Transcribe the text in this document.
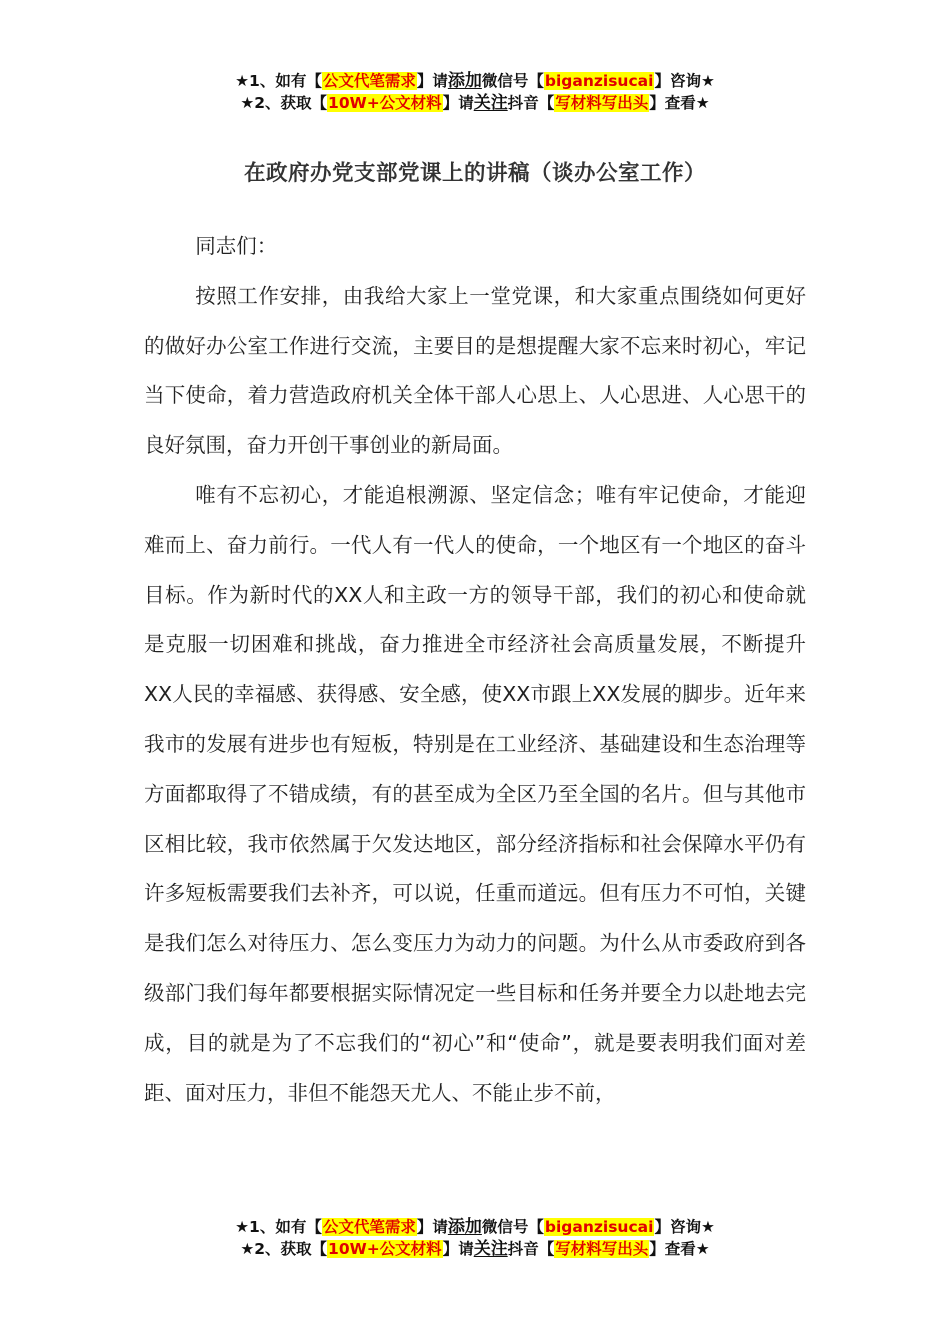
★1、如有【公文代笔需求】请添加微信号【biganzisucai】咨询★
★2、获取【10W+公文材料】请关注抖音【写材料写出头】查看★
在政府办党支部党课上的讲稿（谈办公室工作）

同志们：

按照工作安排，由我给大家上一堂党课，和大家重点围绕如何更好的做好办公室工作进行交流，主要目的是想提醒大家不忘来时初心，牢记当下使命，着力营造政府机关全体干部人心思上、人心思进、人心思干的良好氛围，奋力开创干事创业的新局面。

唯有不忘初心，才能追根溯源、坚定信念；唯有牢记使命，才能迎难而上、奋力前行。一代人有一代人的使命，一个地区有一个地区的奋斗目标。作为新时代的XX人和主政一方的领导干部，我们的初心和使命就是克服一切困难和挑战，奋力推进全市经济社会高质量发展，不断提升XX人民的幸福感、获得感、安全感，使XX市跟上XX发展的脚步。近年来我市的发展有进步也有短板，特别是在工业经济、基础建设和生态治理等方面都取得了不错成绩，有的甚至成为全区乃至全国的名片。但与其他市区相比较，我市依然属于欠发达地区，部分经济指标和社会保障水平仍有许多短板需要我们去补齐，可以说，任重而道远。但有压力不可怕，关键是我们怎么对待压力、怎么变压力为动力的问题。为什么从市委政府到各级部门我们每年都要根据实际情况定一些目标和任务并要全力以赴地去完成，目的就是为了不忘我们的“初心”和“使命”，就是要表明我们面对差距、面对压力，非但不能怨天尤人、不能止步不前，

★1、如有【公文代笔需求】请添加微信号【biganzisucai】咨询★
★2、获取【10W+公文材料】请关注抖音【写材料写出头】查看★
